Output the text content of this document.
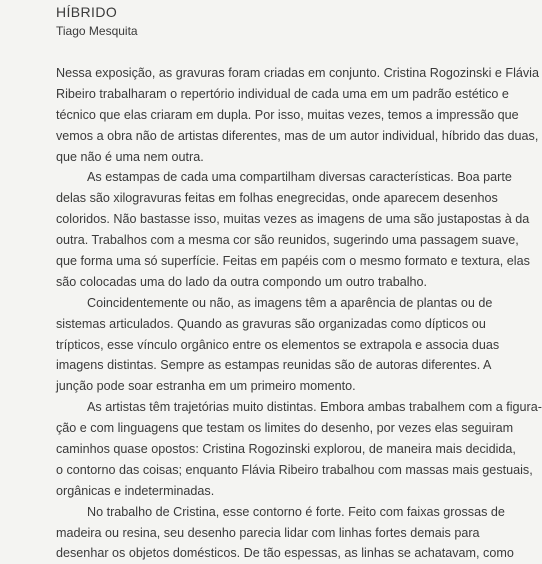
HÍBRIDO
Tiago Mesquita
Nessa exposição, as gravuras foram criadas em conjunto. Cristina Rogozinski e Flávia
Ribeiro trabalharam o repertório individual de cada uma em um padrão estético e
técnico que elas criaram em dupla. Por isso, muitas vezes, temos a impressão que
vemos a obra não de artistas diferentes, mas de um autor individual, híbrido das duas,
que não é uma nem outra.
As estampas de cada uma compartilham diversas características. Boa parte
delas são xilogravuras feitas em folhas enegrecidas, onde aparecem desenhos
coloridos. Não bastasse isso, muitas vezes as imagens de uma são justapostas à da
outra. Trabalhos com a mesma cor são reunidos, sugerindo uma passagem suave,
que forma uma só superfície. Feitas em papéis com o mesmo formato e textura, elas
são colocadas uma do lado da outra compondo um outro trabalho.
Coincidentemente ou não, as imagens têm a aparência de plantas ou de
sistemas articulados. Quando as gravuras são organizadas como dípticos ou
trípticos, esse vínculo orgânico entre os elementos se extrapola e associa duas
imagens distintas. Sempre as estampas reunidas são de autoras diferentes. A
junção pode soar estranha em um primeiro momento.
As artistas têm trajetórias muito distintas. Embora ambas trabalhem com a figura-
ção e com linguagens que testam os limites do desenho, por vezes elas seguiram
caminhos quase opostos: Cristina Rogozinski explorou, de maneira mais decidida,
o contorno das coisas; enquanto Flávia Ribeiro trabalhou com massas mais gestuais,
orgânicas e indeterminadas.
No trabalho de Cristina, esse contorno é forte. Feito com faixas grossas de
madeira ou resina, seu desenho parecia lidar com linhas fortes demais para
desenhar os objetos domésticos. De tão espessas, as linhas se achatavam, como
